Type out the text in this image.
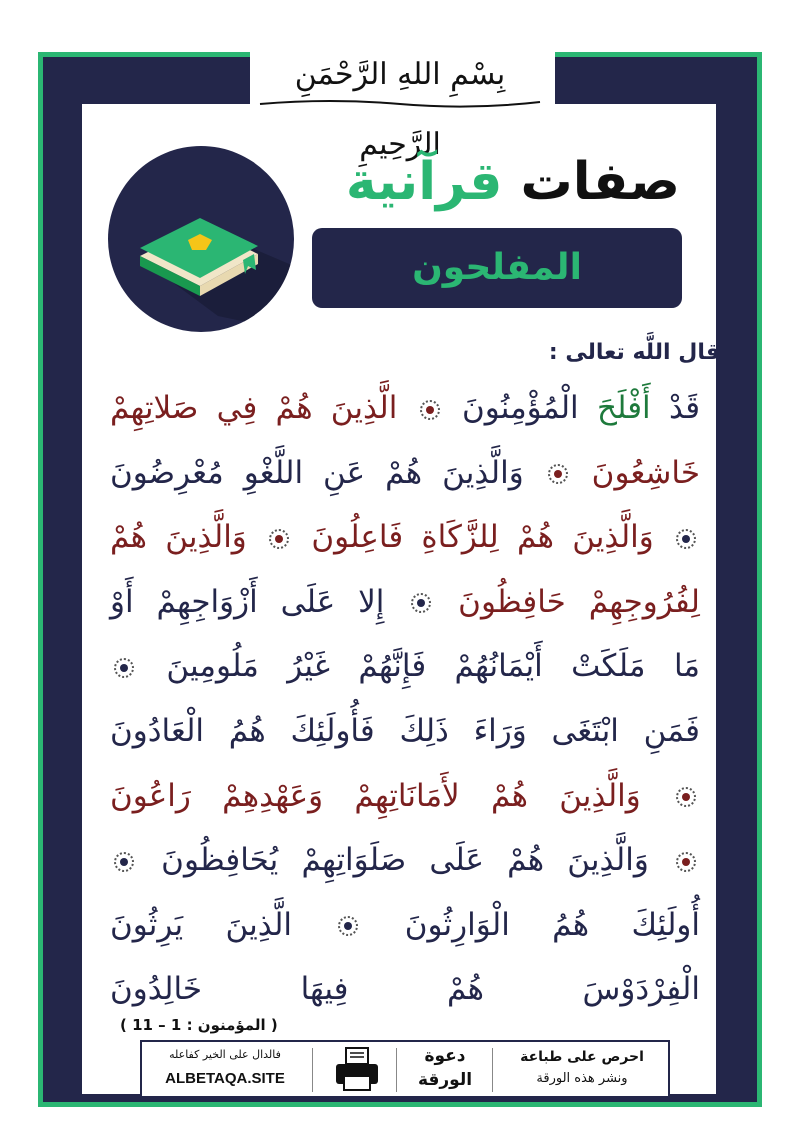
بِسْمِ اللهِ الرَّحْمَنِ الرَّحِيمِ
صفات قرآنية
المفلحون
قال اللَّه تعالى :
قَدْ أَفْلَحَ الْمُؤْمِنُونَ  الَّذِينَ هُمْ فِي صَلاتِهِمْ
خَاشِعُونَ  وَالَّذِينَ هُمْ عَنِ اللَّغْوِ مُعْرِضُونَ
وَالَّذِينَ هُمْ لِلزَّكَاةِ فَاعِلُونَ  وَالَّذِينَ هُمْ
لِفُرُوجِهِمْ حَافِظُونَ  إِلا عَلَى أَزْوَاجِهِمْ أَوْ
مَا مَلَكَتْ أَيْمَانُهُمْ فَإِنَّهُمْ غَيْرُ مَلُومِينَ
فَمَنِ ابْتَغَى وَرَاءَ ذَلِكَ فَأُولَئِكَ هُمُ الْعَادُونَ
وَالَّذِينَ هُمْ لأَمَانَاتِهِمْ وَعَهْدِهِمْ رَاعُونَ
وَالَّذِينَ هُمْ عَلَى صَلَوَاتِهِمْ يُحَافِظُونَ
أُولَئِكَ هُمُ الْوَارِثُونَ  الَّذِينَ يَرِثُونَ
الْفِرْدَوْسَ هُمْ فِيهَا خَالِدُونَ
( المؤمنون : 1 – 11 )
فالدال على الخير كفاعله
ALBETAQA.SITE
دعوة
الورقة
احرص على طباعة
ونشر هذه الورقة
